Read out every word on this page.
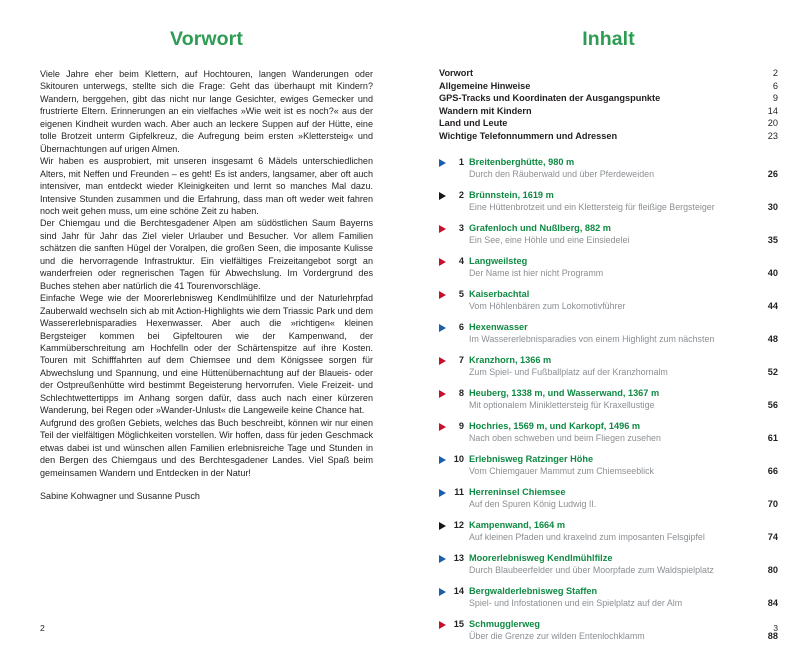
Vorwort

Viele Jahre eher beim Klettern, auf Hochtouren, langen Wanderungen oder Skitouren unterwegs, stellte sich die Frage: Geht das überhaupt mit Kindern? Wandern, berggehen, gibt das nicht nur lange Gesichter, ewiges Gemecker und frustrierte Eltern. Erinnerungen an ein vielfaches »Wie weit ist es noch?« aus der eigenen Kindheit wurden wach. Aber auch an leckere Suppen auf der Hütte, eine tolle Brotzeit unterm Gipfelkreuz, die Aufregung beim ersten »Klettersteig« und Übernachtungen auf urigen Almen.

Wir haben es ausprobiert, mit unseren insgesamt 6 Mädels unterschiedlichen Alters, mit Neffen und Freunden – es geht! Es ist anders, langsamer, aber oft auch intensiver, man entdeckt wieder Kleinigkeiten und lernt so manches Mal dazu. Intensive Stunden zusammen und die Erfahrung, dass man oft weder weit fahren noch weit gehen muss, um eine schöne Zeit zu haben.

Der Chiemgau und die Berchtesgadener Alpen am südöstlichen Saum Bayerns sind Jahr für Jahr das Ziel vieler Urlauber und Besucher. Vor allem Familien schätzen die sanften Hügel der Voralpen, die großen Seen, die imposante Kulisse und die hervorragende Infrastruktur. Ein vielfältiges Freizeitangebot sorgt an wanderfreien oder regnerischen Tagen für Abwechslung. Im Vordergrund des Buches stehen aber natürlich die 41 Tourenvorschläge.

Einfache Wege wie der Moorerlebnisweg Kendlmühlfilze und der Naturlehrpfad Zauberwald wechseln sich ab mit Action-Highlights wie dem Triassic Park und dem Wassererlebnisparadies Hexenwasser. Aber auch die »richtigen« kleinen Bergsteiger kommen bei Gipfeltouren wie der Kampenwand, der Kammüberschreitung am Hochfelln oder der Schärtenspitze auf ihre Kosten. Touren mit Schifffahrten auf dem Chiemsee und dem Königssee sorgen für Abwechslung und Spannung, und eine Hüttenübernachtung auf der Blaueis- oder der Ostpreußenhütte wird bestimmt Begeisterung hervorrufen. Viele Freizeit- und Schlechtwettertipps im Anhang sorgen dafür, dass auch nach einer kürzeren Wanderung, bei Regen oder »Wander-Unlust« die Langeweile keine Chance hat.

Aufgrund des großen Gebiets, welches das Buch beschreibt, können wir nur einen Teil der vielfältigen Möglichkeiten vorstellen. Wir hoffen, dass für jeden Geschmack etwas dabei ist und wünschen allen Familien erlebnisreiche Tage und Stunden in den Bergen des Chiemgaus und des Berchtesgadener Landes. Viel Spaß beim gemeinsamen Wandern und Entdecken in der Natur!

Sabine Kohwagner und Susanne Pusch
2
Inhalt
Vorwort	2
Allgemeine Hinweise	6
GPS-Tracks und Koordinaten der Ausgangspunkte	9
Wandern mit Kindern	14
Land und Leute	20
Wichtige Telefonnummern und Adressen	23
1 Breitenberghütte, 980 m
Durch den Räuberwald und über Pferdeweiden	26
2 Brünnstein, 1619 m
Eine Hüttenbrotzeit und ein Klettersteig für fleißige Bergsteiger	30
3 Grafenloch und Nußlberg, 882 m
Ein See, eine Höhle und eine Einsiedelei	35
4 Langweilsteg
Der Name ist hier nicht Programm	40
5 Kaiserbachtal
Vom Höhlenbären zum Lokomotivführer	44
6 Hexenwasser
Im Wassererlebnisparadies von einem Highlight zum nächsten	48
7 Kranzhorn, 1366 m
Zum Spiel- und Fußballplatz auf der Kranzhornalm	52
8 Heuberg, 1338 m, und Wasserwand, 1367 m
Mit optionalem Miniklettersteig für Kraxellustige	56
9 Hochries, 1569 m, und Karkopf, 1496 m
Nach oben schweben und beim Fliegen zusehen	61
10 Erlebnisweg Ratzinger Höhe
Vom Chiemgauer Mammut zum Chiemseeblick	66
11 Herreninsel Chiemsee
Auf den Spuren König Ludwig II.	70
12 Kampenwand, 1664 m
Auf kleinen Pfaden und kraxelnd zum imposanten Felsgipfel	74
13 Moorerlebnisweg Kendlmühlfilze
Durch Blaubeerfelder und über Moorpfade zum Waldspielplatz	80
14 Bergwalderlebnisweg Staffen
Spiel- und Infostationen und ein Spielplatz auf der Alm	84
15 Schmugglerweg
Über die Grenze zur wilden Entenlochklamm	88
3
